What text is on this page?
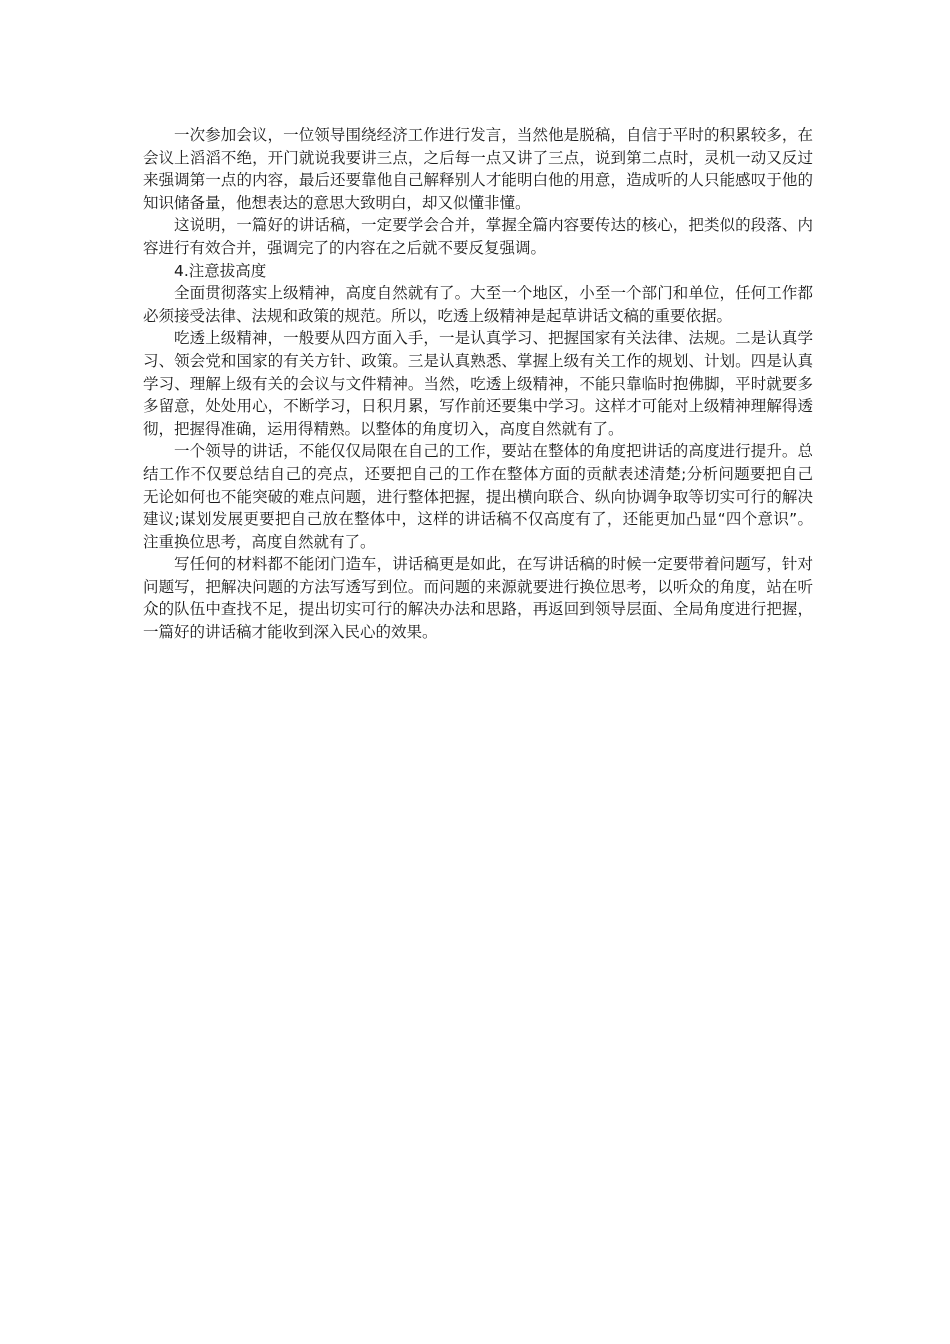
一次参加会议，一位领导围绕经济工作进行发言，当然他是脱稿，自信于平时的积累较多，在会议上滔滔不绝，开门就说我要讲三点，之后每一点又讲了三点，说到第二点时，灵机一动又反过来强调第一点的内容，最后还要靠他自己解释别人才能明白他的用意，造成听的人只能感叹于他的知识储备量，他想表达的意思大致明白，却又似懂非懂。

这说明，一篇好的讲话稿，一定要学会合并，掌握全篇内容要传达的核心，把类似的段落、内容进行有效合并，强调完了的内容在之后就不要反复强调。

4.注意拔高度

全面贯彻落实上级精神，高度自然就有了。大至一个地区，小至一个部门和单位，任何工作都必须接受法律、法规和政策的规范。所以，吃透上级精神是起草讲话文稿的重要依据。

吃透上级精神，一般要从四方面入手，一是认真学习、把握国家有关法律、法规。二是认真学习、领会党和国家的有关方针、政策。三是认真熟悉、掌握上级有关工作的规划、计划。四是认真学习、理解上级有关的会议与文件精神。当然，吃透上级精神，不能只靠临时抱佛脚，平时就要多多留意，处处用心，不断学习，日积月累，写作前还要集中学习。这样才可能对上级精神理解得透彻，把握得准确，运用得精熟。以整体的角度切入，高度自然就有了。

一个领导的讲话，不能仅仅局限在自己的工作，要站在整体的角度把讲话的高度进行提升。总结工作不仅要总结自己的亮点，还要把自己的工作在整体方面的贡献表述清楚;分析问题要把自己无论如何也不能突破的难点问题，进行整体把握，提出横向联合、纵向协调争取等切实可行的解决建议;谋划发展更要把自己放在整体中，这样的讲话稿不仅高度有了，还能更加凸显“四个意识”。注重换位思考，高度自然就有了。

写任何的材料都不能闭门造车，讲话稿更是如此，在写讲话稿的时候一定要带着问题写，针对问题写，把解决问题的方法写透写到位。而问题的来源就要进行换位思考，以听众的角度，站在听众的队伍中查找不足，提出切实可行的解决办法和思路，再返回到领导层面、全局角度进行把握，一篇好的讲话稿才能收到深入民心的效果。
